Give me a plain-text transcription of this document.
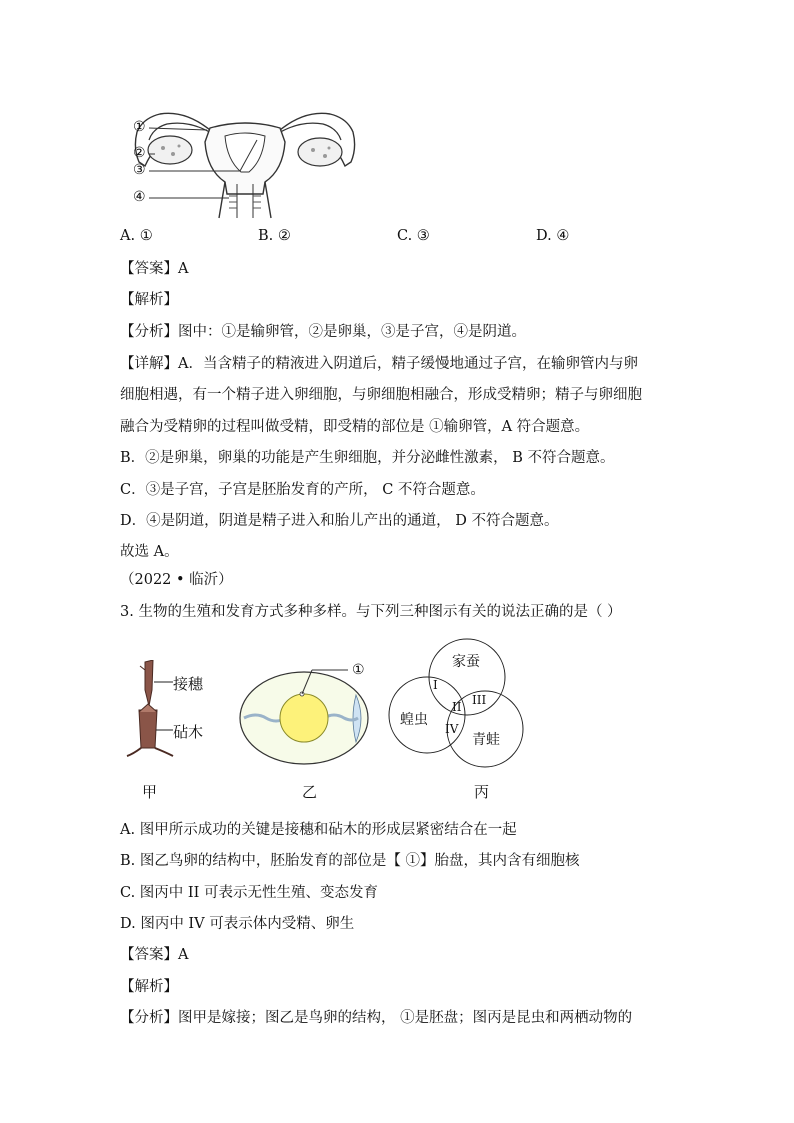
①
②
③
④
A. ①	B. ②	C. ③	D. ④
【答案】A
【解析】
【分析】图中：①是输卵管，②是卵巢，③是子宫，④是阴道。
【详解】A．当含精子的精液进入阴道后，精子缓慢地通过子宫，在输卵管内与卵
细胞相遇，有一个精子进入卵细胞，与卵细胞相融合，形成受精卵；精子与卵细胞
融合为受精卵的过程叫做受精，即受精的部位是 ①输卵管，A 符合题意。
B．②是卵巢，卵巢的功能是产生卵细胞，并分泌雌性激素， B 不符合题意。
C．③是子宫，子宫是胚胎发育的产所， C 不符合题意。
D．④是阴道，阴道是精子进入和胎儿产出的通道， D 不符合题意。
故选 A。
（2022 • 临沂）
3. 生物的生殖和发育方式多种多样。与下列三种图示有关的说法正确的是（ ）
接穗
砧木
甲
①
乙
家蚕
蝗虫
青蛙
I
II III
IV
丙
A. 图甲所示成功的关键是接穗和砧木的形成层紧密结合在一起
B. 图乙鸟卵的结构中，胚胎发育的部位是【 ①】胎盘，其内含有细胞核
C. 图丙中 II 可表示无性生殖、变态发育
D. 图丙中 IV 可表示体内受精、卵生
【答案】A
【解析】
【分析】图甲是嫁接；图乙是鸟卵的结构， ①是胚盘；图丙是昆虫和两栖动物的
